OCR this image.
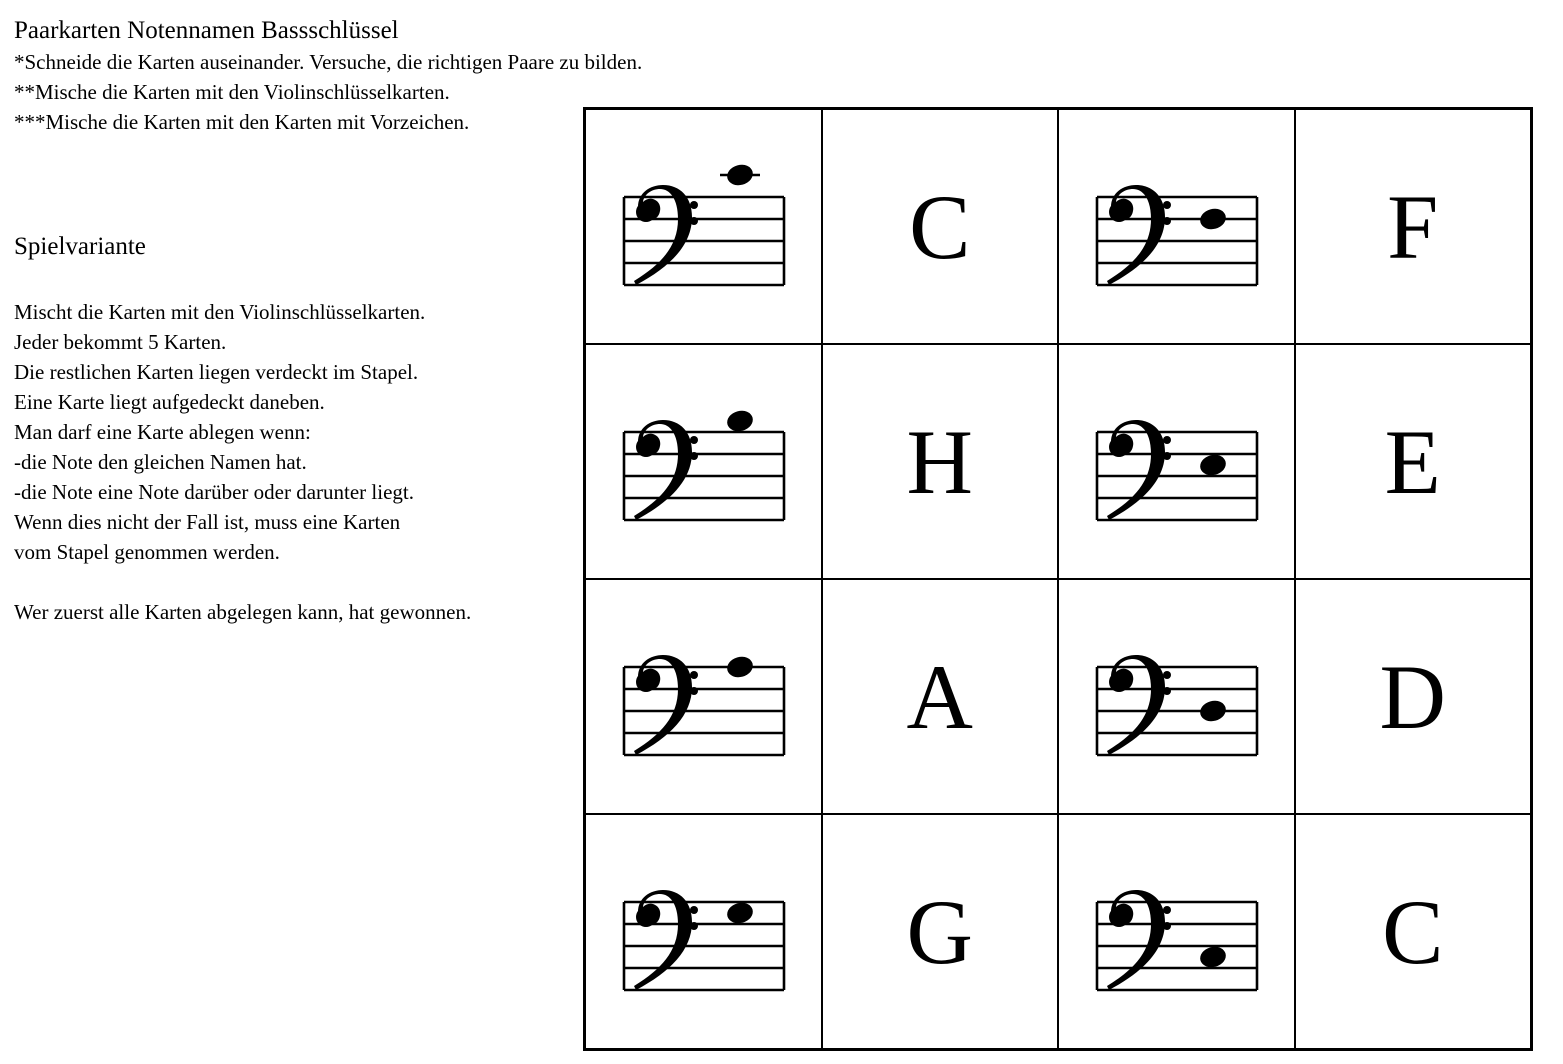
Paarkarten Notennamen Bassschlüssel
*Schneide die Karten auseinander. Versuche, die richtigen Paare zu bilden.
**Mische die Karten mit den Violinschlüsselkarten.
***Mische die Karten mit den Karten mit Vorzeichen.
Spielvariante
Mischt die Karten mit den Violinschlüsselkarten.
Jeder bekommt 5 Karten.
Die restlichen Karten liegen verdeckt im Stapel.
Eine Karte liegt aufgedeckt daneben.
Man darf eine Karte ablegen wenn:
-die Note den gleichen Namen hat.
-die Note eine Note darüber oder darunter liegt.
Wenn dies nicht der Fall ist, muss eine Karten
vom Stapel genommen werden.
Wer zuerst alle Karten abgelegen kann, hat gewonnen.
C	F
H	E
A	D
G	C
